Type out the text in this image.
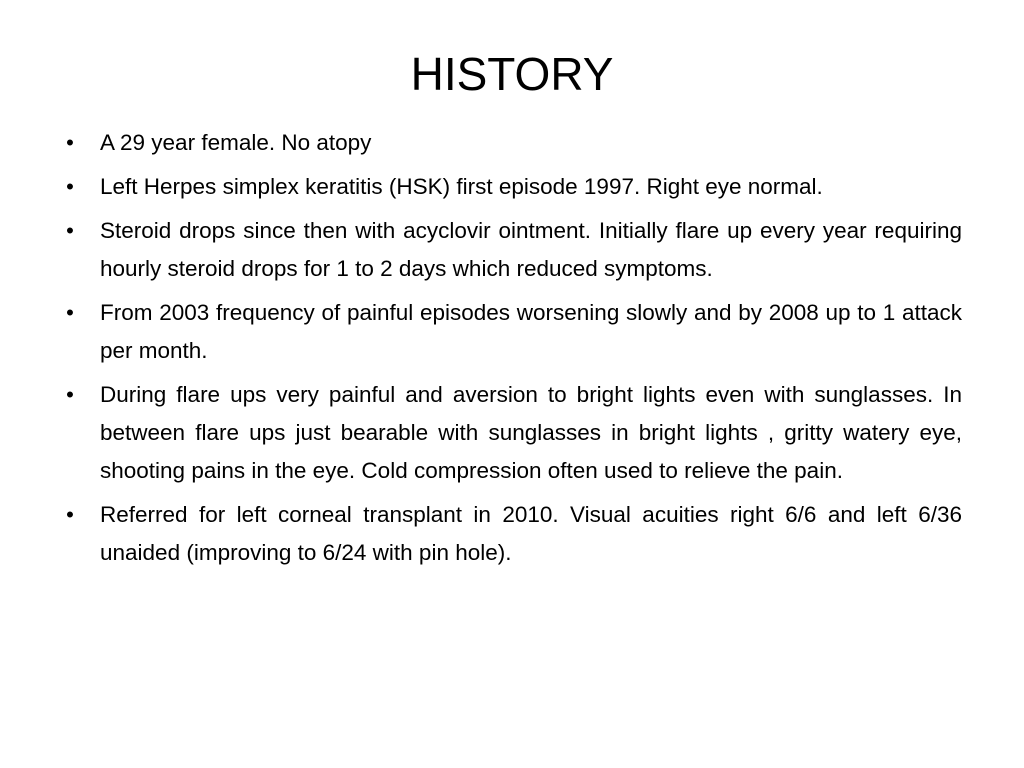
HISTORY
• A 29 year female. No atopy
• Left Herpes simplex keratitis (HSK) first episode 1997. Right eye normal.
• Steroid drops since then with acyclovir ointment. Initially flare up every year requiring hourly steroid drops for 1 to 2 days which reduced symptoms.
• From 2003 frequency of painful episodes worsening slowly and by 2008 up to 1 attack per month.
• During flare ups very painful and aversion to bright lights even with sunglasses. In between flare ups just bearable with sunglasses in bright lights , gritty watery eye, shooting pains in the eye. Cold compression often used to relieve the pain.
• Referred for left corneal transplant in 2010. Visual acuities right 6/6 and left 6/36 unaided (improving to 6/24 with pin hole).
